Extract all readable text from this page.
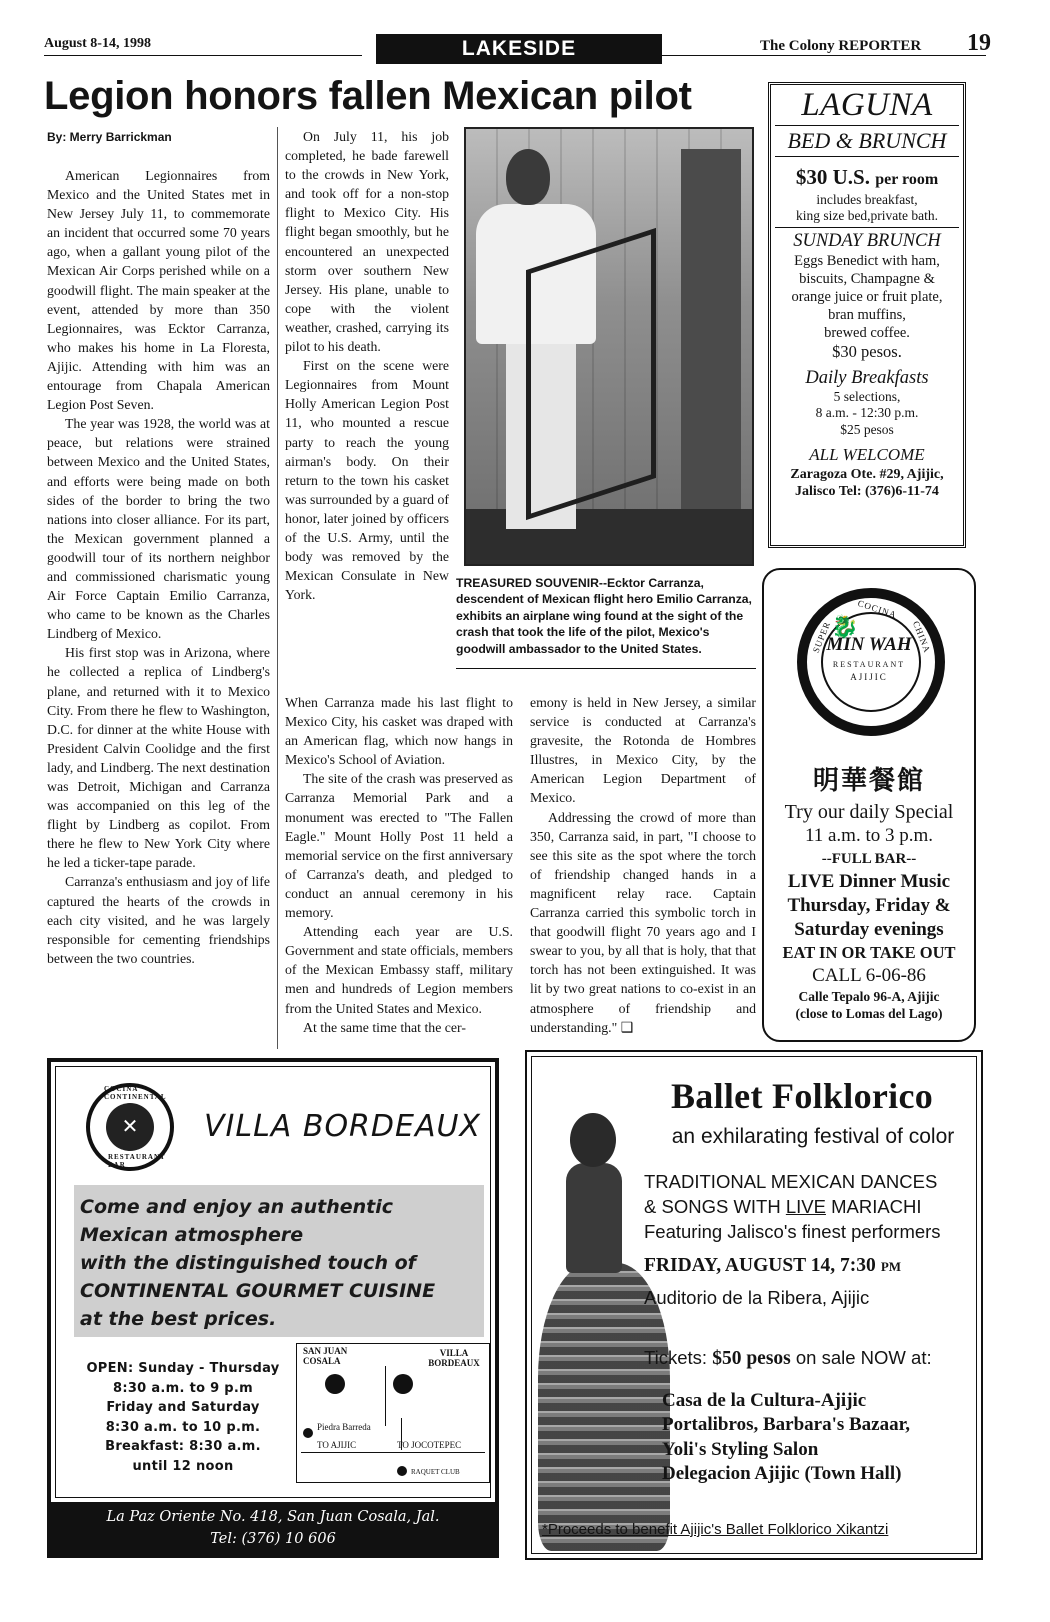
August 8-14, 1998	LAKESIDE	The Colony REPORTER 19
Legion honors fallen Mexican pilot
By: Merry Barrickman

American Legionnaires from Mexico and the United States met in New Jersey July 11, to commemorate an incident that occurred some 70 years ago, when a gallant young pilot of the Mexican Air Corps perished while on a goodwill flight. The main speaker at the event, attended by more than 350 Legionnaires, was Ecktor Carranza, who makes his home in La Floresta, Ajijic. Attending with him was an entourage from Chapala American Legion Post Seven.

The year was 1928, the world was at peace, but relations were strained between Mexico and the United States, and efforts were being made on both sides of the border to bring the two nations into closer alliance. For its part, the Mexican government planned a goodwill tour of its northern neighbor and commissioned charismatic young Air Force Captain Emilio Carranza, who came to be known as the Charles Lindberg of Mexico.

His first stop was in Arizona, where he collected a replica of Lindberg's plane, and returned with it to Mexico City. From there he flew to Washington, D.C. for dinner at the white House with President Calvin Coolidge and the first lady, and Lindberg. The next destination was Detroit, Michigan and Carranza was accompanied on this leg of the flight by Lindberg as copilot. From there he flew to New York City where he led a ticker-tape parade.

Carranza's enthusiasm and joy of life captured the hearts of the crowds in each city visited, and he was largely responsible for cementing friendships between the two countries.

On July 11, his job completed, he bade farewell to the crowds in New York, and took off for a non-stop flight to Mexico City. His flight began smoothly, but he encountered an unexpected storm over southern New Jersey. His plane, unable to cope with the violent weather, crashed, carrying its pilot to his death.

First on the scene were Legionnaires from Mount Holly American Legion Post 11, who mounted a rescue party to reach the young airman's body. On their return to the town his casket was surrounded by a guard of honor, later joined by officers of the U.S. Army, until the body was removed by the Mexican Consulate in New York.

TREASURED SOUVENIR--Ecktor Carranza, descendent of Mexican flight hero Emilio Carranza, exhibits an airplane wing found at the sight of the crash that took the life of the pilot, Mexico's goodwill ambassador to the United States.

When Carranza made his last flight to Mexico City, his casket was draped with an American flag, which now hangs in Mexico's School of Aviation.

The site of the crash was preserved as Carranza Memorial Park and a monument was erected to "The Fallen Eagle." Mount Holly Post 11 held a memorial service on the first anniversary of Carranza's death, and pledged to conduct an annual ceremony in his memory.

Attending each year are U.S. Government and state officials, members of the Mexican Embassy staff, military men and hundreds of Legion members from the United States and Mexico.

At the same time that the cer-

emony is held in New Jersey, a similar service is conducted at Carranza's gravesite, the Rotonda de Hombres Illustres, in Mexico City, by the American Legion Department of Mexico.

Addressing the crowd of more than 350, Carranza said, in part, "I choose to see this site as the spot where the torch of friendship changed hands in a magnificent relay race. Captain Carranza carried this symbolic torch in that goodwill flight 70 years ago and I swear to you, by all that is holy, that that torch has not been extinguished. It was lit by two great nations to co-exist in an atmosphere of friendship and understanding." ❑

LAGUNA
BED & BRUNCH
$30 U.S. per room
includes breakfast,
king size bed,private bath.
SUNDAY BRUNCH
Eggs Benedict with ham,
biscuits, Champagne &
orange juice or fruit plate,
bran muffins,
brewed coffee.
$30 pesos.
Daily Breakfasts
5 selections,
8 a.m. - 12:30 p.m.
$25 pesos
ALL WELCOME
Zaragoza Ote. #29, Ajijic,
Jalisco Tel: (376)6-11-74
🐉
COCINA
CHINA
SUPER
MIN WAH
RESTAURANT
AJIJIC
明華餐館
Try our daily Special
11 a.m. to 3 p.m.
--FULL BAR--
LIVE Dinner Music
Thursday, Friday &
Saturday evenings
EAT IN OR TAKE OUT
CALL 6-06-86
Calle Tepalo 96-A, Ajijic
(close to Lomas del Lago)
COCINA CONTINENTAL
✕
RESTAURANT BAR
VILLA BORDEAUX
Come and enjoy an authentic
Mexican atmosphere
with the distinguished touch of
CONTINENTAL GOURMET CUISINE
at the best prices.
OPEN: Sunday - Thursday
8:30 a.m. to 9 p.m
Friday and Saturday
8:30 a.m. to 10 p.m.
Breakfast: 8:30 a.m.
until 12 noon
SAN JUAN COSALA
VILLA BORDEAUX
Piedra Barreda
TO AJIJIC	TO JOCOTEPEC
RAQUET CLUB
La Paz Oriente No. 418, San Juan Cosala, Jal.
Tel: (376) 10 606
Ballet Folklorico
an exhilarating festival of color
TRADITIONAL MEXICAN DANCES
& SONGS WITH LIVE MARIACHI
Featuring Jalisco's finest performers
FRIDAY, AUGUST 14, 7:30 PM
Auditorio de la Ribera, Ajijic
Tickets: $50 pesos on sale NOW at:
Casa de la Cultura-Ajijic
Portalibros, Barbara's Bazaar,
Yoli's Styling Salon
Delegacion Ajijic (Town Hall)
*Proceeds to benefit Ajijic's Ballet Folklorico Xikantzi
